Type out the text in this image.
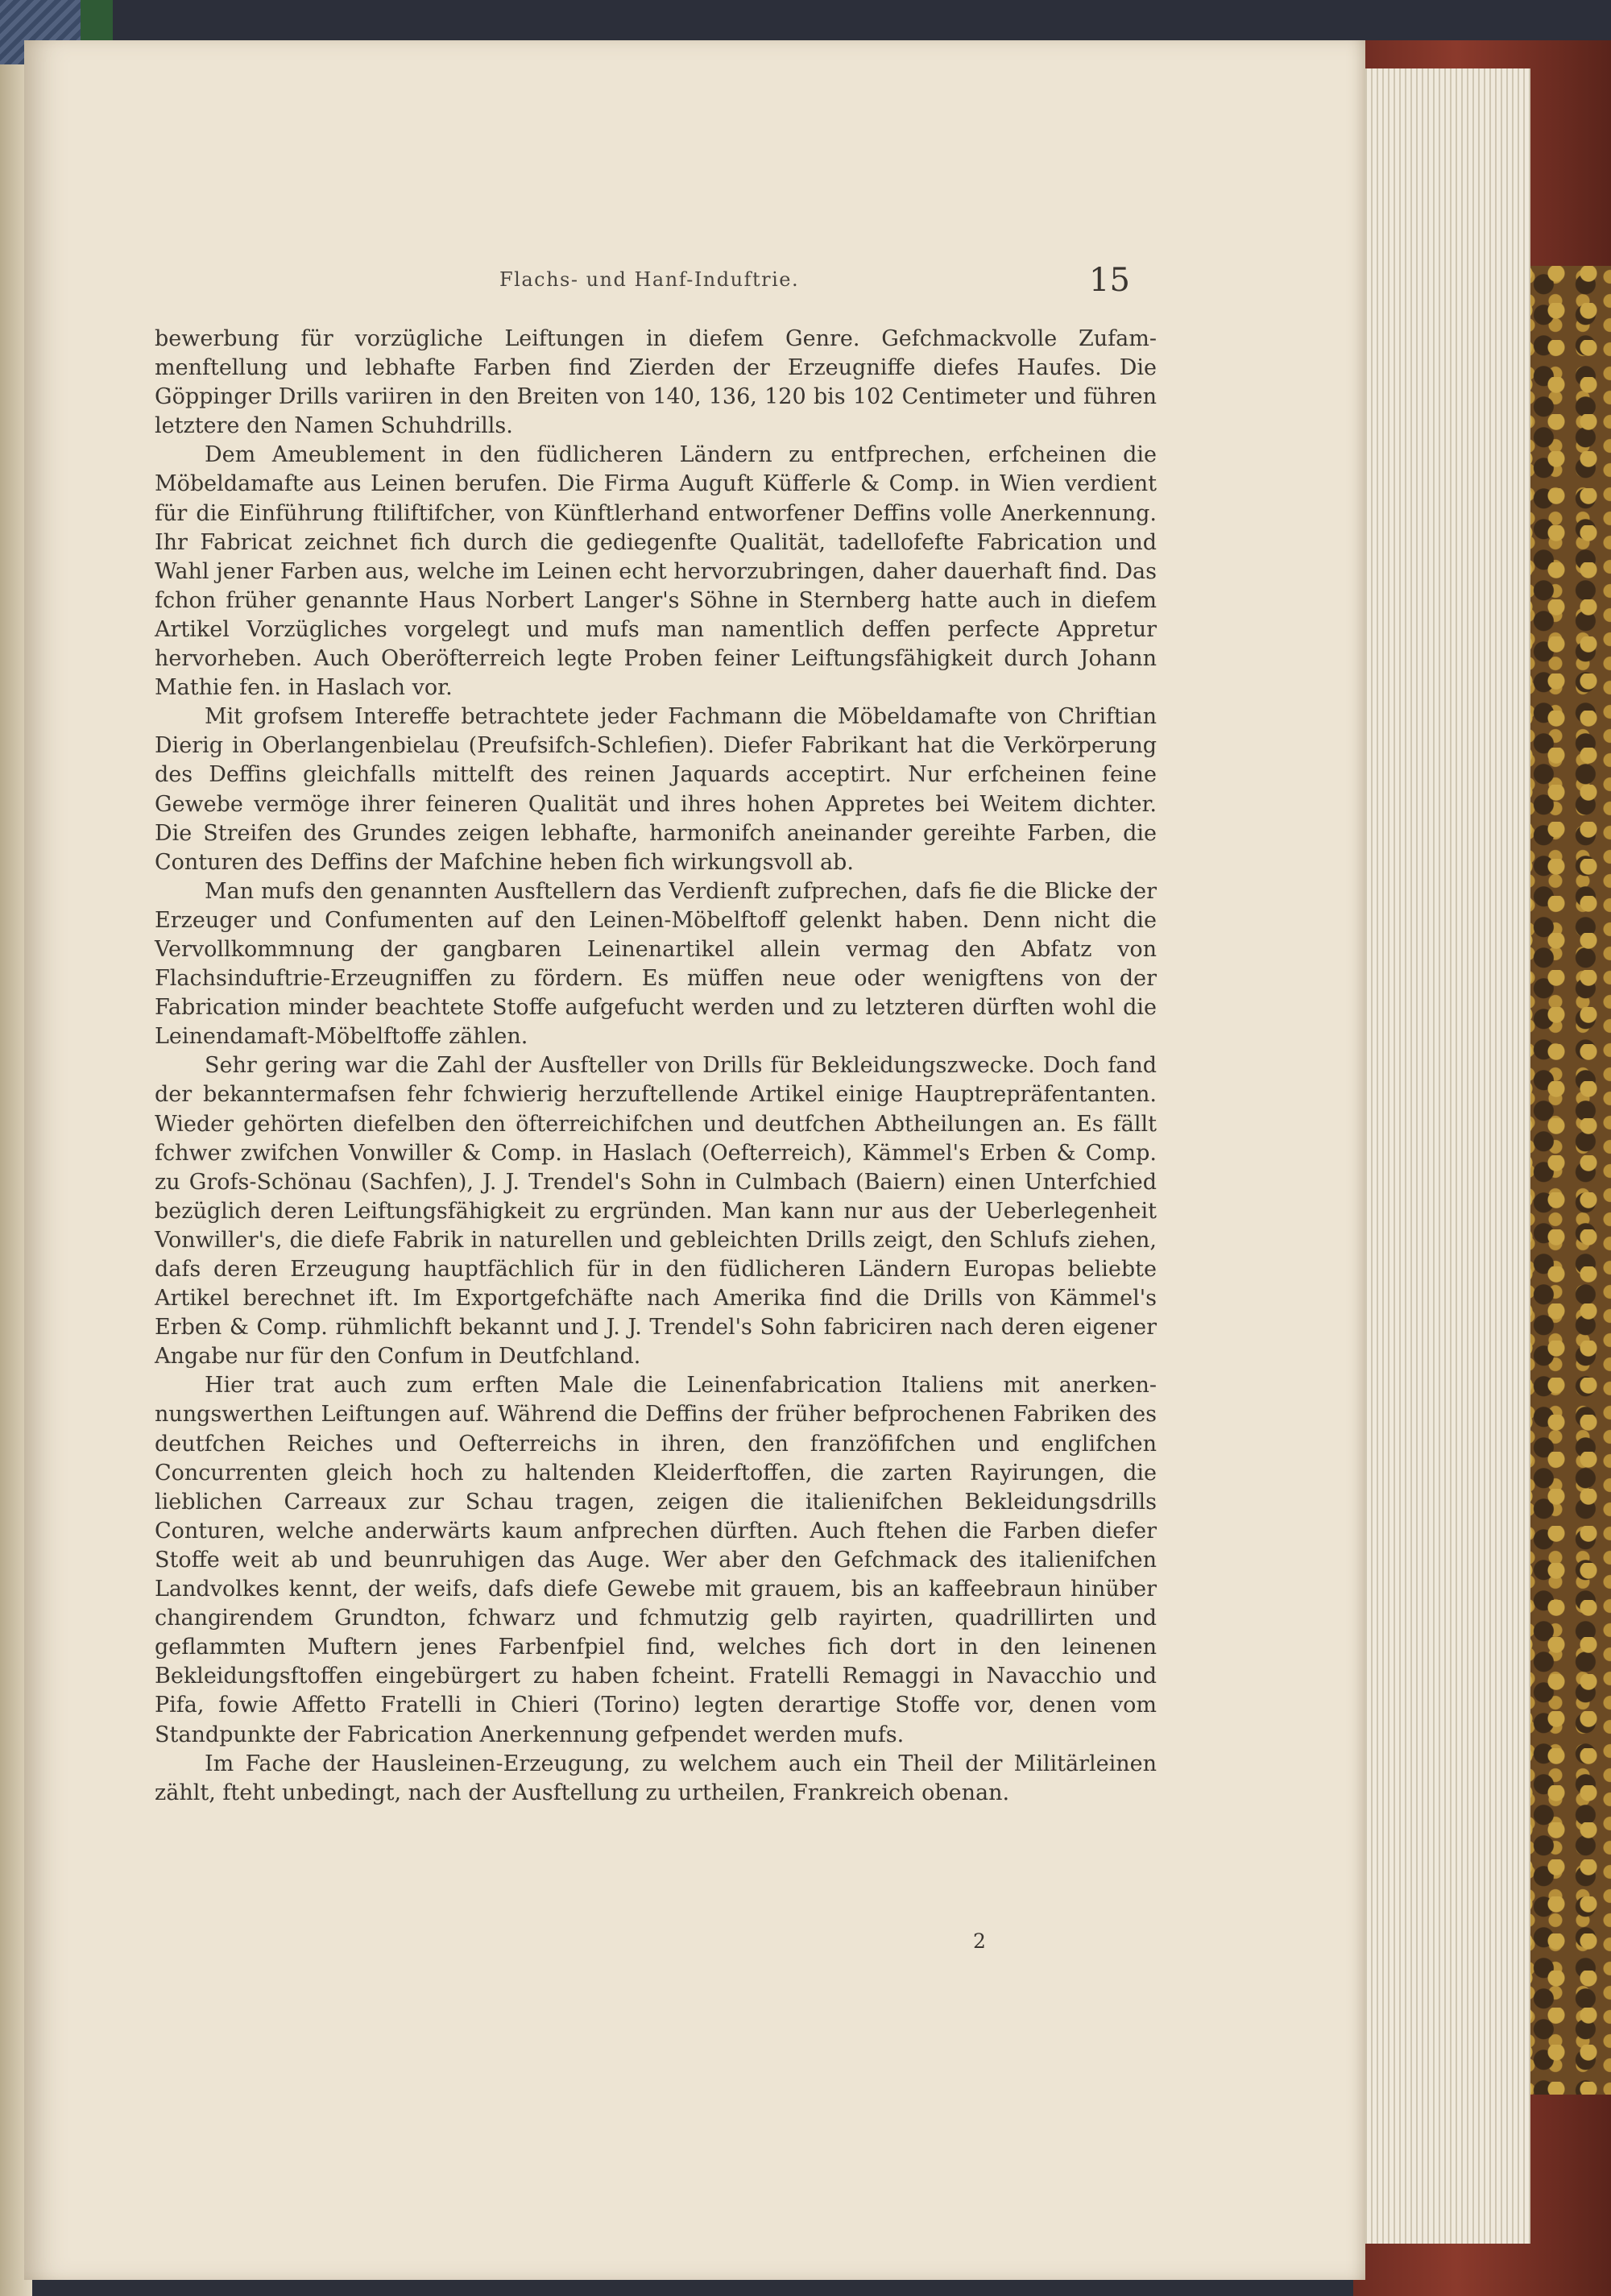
Flachs- und Hanf-Induftrie.	15

bewerbung für vorzügliche Leiftungen in diefem Genre. Gefchmackvolle Zufammenftellung und lebhafte Farben find Zierden der Erzeugniffe diefes Haufes. Die Göppinger Drills variiren in den Breiten von 140, 136, 120 bis 102 Centimeter und führen letztere den Namen Schuhdrills.

Dem Ameublement in den füdlicheren Ländern zu entfprechen, erfcheinen die Möbeldamafte aus Leinen berufen. Die Firma Auguft Küfferle & Comp. in Wien verdient für die Einführung ftiliftifcher, von Künftlerhand entworfener Deffins volle Anerkennung. Ihr Fabricat zeichnet fich durch die gediegenfte Qualität, tadellofefte Fabrication und Wahl jener Farben aus, welche im Leinen echt hervorzubringen, daher dauerhaft find. Das fchon früher genannte Haus Norbert Langer's Söhne in Sternberg hatte auch in diefem Artikel Vorzügliches vorgelegt und mufs man namentlich deffen perfecte Appretur hervorheben. Auch Oberöfterreich legte Proben feiner Leiftungsfähigkeit durch Johann Mathie fen. in Haslach vor.

Mit grofsem Intereffe betrachtete jeder Fachmann die Möbeldamafte von Chriftian Dierig in Oberlangenbielau (Preufsifch-Schlefien). Diefer Fabrikant hat die Verkörperung des Deffins gleichfalls mittelft des reinen Jaquards acceptirt. Nur erfcheinen feine Gewebe vermöge ihrer feineren Qualität und ihres hohen Appretes bei Weitem dichter. Die Streifen des Grundes zeigen lebhafte, harmonifch aneinander gereihte Farben, die Conturen des Deffins der Mafchine heben fich wirkungsvoll ab.

Man mufs den genannten Ausftellern das Verdienft zufprechen, dafs fie die Blicke der Erzeuger und Confumenten auf den Leinen-Möbelftoff gelenkt haben. Denn nicht die Vervollkommnung der gangbaren Leinenartikel allein vermag den Abfatz von Flachsinduftrie-Erzeugniffen zu fördern. Es müffen neue oder wenigftens von der Fabrication minder beachtete Stoffe aufgefucht werden und zu letzteren dürften wohl die Leinendamaft-Möbelftoffe zählen.

Sehr gering war die Zahl der Ausfteller von Drills für Bekleidungszwecke. Doch fand der bekanntermafsen fehr fchwierig herzuftellende Artikel einige Hauptrepräfentanten. Wieder gehörten diefelben den öfterreichifchen und deutfchen Abtheilungen an. Es fällt fchwer zwifchen Vonwiller & Comp. in Haslach (Oefterreich), Kämmel's Erben & Comp. zu Grofs-Schönau (Sachfen), J. J. Trendel's Sohn in Culmbach (Baiern) einen Unterfchied bezüglich deren Leiftungsfähigkeit zu ergründen. Man kann nur aus der Ueberlegenheit Vonwiller's, die diefe Fabrik in naturellen und gebleichten Drills zeigt, den Schlufs ziehen, dafs deren Erzeugung hauptfächlich für in den füdlicheren Ländern Europas beliebte Artikel berechnet ift. Im Exportgefchäfte nach Amerika find die Drills von Kämmel's Erben & Comp. rühmlichft bekannt und J. J. Trendel's Sohn fabriciren nach deren eigener Angabe nur für den Confum in Deutfchland.

Hier trat auch zum erften Male die Leinenfabrication Italiens mit anerkennungswerthen Leiftungen auf. Während die Deffins der früher befprochenen Fabriken des deutfchen Reiches und Oefterreichs in ihren, den franzöfifchen und englifchen Concurrenten gleich hoch zu haltenden Kleiderftoffen, die zarten Rayirungen, die lieblichen Carreaux zur Schau tragen, zeigen die italienifchen Bekleidungsdrills Conturen, welche anderwärts kaum anfprechen dürften. Auch ftehen die Farben diefer Stoffe weit ab und beunruhigen das Auge. Wer aber den Gefchmack des italienifchen Landvolkes kennt, der weifs, dafs diefe Gewebe mit grauem, bis an kaffeebraun hinüber changirendem Grundton, fchwarz und fchmutzig gelb rayirten, quadrillirten und geflammten Muftern jenes Farbenfpiel find, welches fich dort in den leinenen Bekleidungsftoffen eingebürgert zu haben fcheint. Fratelli Remaggi in Navacchio und Pifa, fowie Affetto Fratelli in Chieri (Torino) legten derartige Stoffe vor, denen vom Standpunkte der Fabrication Anerkennung gefpendet werden mufs.

Im Fache der Hausleinen-Erzeugung, zu welchem auch ein Theil der Militärleinen zählt, fteht unbedingt, nach der Ausftellung zu urtheilen, Frankreich obenan.

2
